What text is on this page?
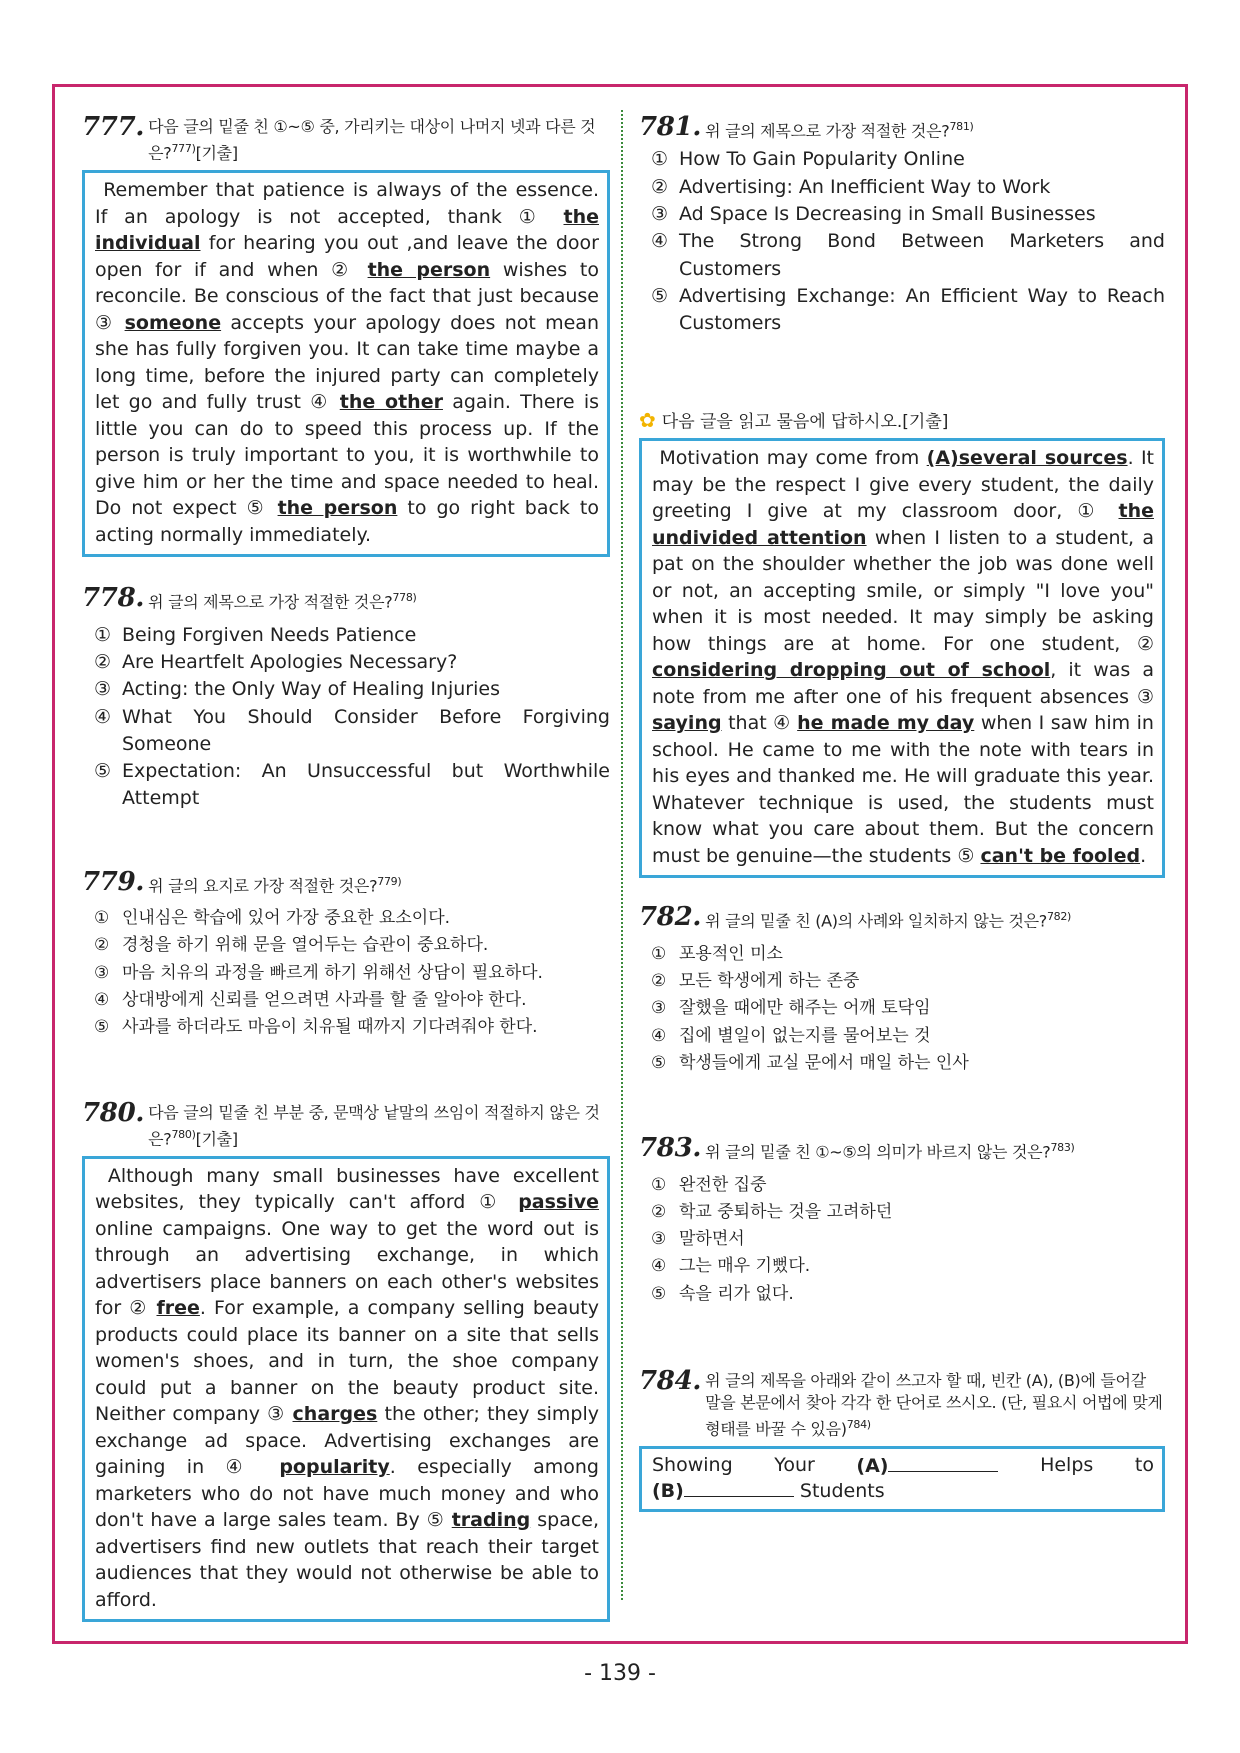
777. 다음 글의 밑줄 친 ①~⑤ 중, 가리키는 대상이 나머지 넷과 다른 것은?$^{777)}$[기출]
Remember that patience is always of the essence. If an apology is not accepted, thank ① the individual for hearing you out ,and leave the door open for if and when ② the person wishes to reconcile. Be conscious of the fact that just because ③ someone accepts your apology does not mean she has fully forgiven you. It can take time maybe a long time, before the injured party can completely let go and fully trust ④ the other again. There is little you can do to speed this process up. If the person is truly important to you, it is worthwhile to give him or her the time and space needed to heal. Do not expect ⑤ the person to go right back to acting normally immediately.
778. 위 글의 제목으로 가장 적절한 것은?$^{778)}$
① Being Forgiven Needs Patience
② Are Heartfelt Apologies Necessary?
③ Acting: the Only Way of Healing Injuries
④ What You Should Consider Before Forgiving Someone
⑤ Expectation: An Unsuccessful but Worthwhile Attempt
779. 위 글의 요지로 가장 적절한 것은?$^{779)}$
① 인내심은 학습에 있어 가장 중요한 요소이다.
② 경청을 하기 위해 문을 열어두는 습관이 중요하다.
③ 마음 치유의 과정을 빠르게 하기 위해선 상담이 필요하다.
④ 상대방에게 신뢰를 얻으려면 사과를 할 줄 알아야 한다.
⑤ 사과를 하더라도 마음이 치유될 때까지 기다려줘야 한다.
780. 다음 글의 밑줄 친 부분 중, 문맥상 낱말의 쓰임이 적절하지 않은 것은?$^{780)}$[기출]
Although many small businesses have excellent websites, they typically can't afford ① passive online campaigns. One way to get the word out is through an advertising exchange, in which advertisers place banners on each other's websites for ② free. For example, a company selling beauty products could place its banner on a site that sells women's shoes, and in turn, the shoe company could put a banner on the beauty product site. Neither company ③ charges the other; they simply exchange ad space. Advertising exchanges are gaining in ④ popularity. especially among marketers who do not have much money and who don't have a large sales team. By ⑤ trading space, advertisers find new outlets that reach their target audiences that they would not otherwise be able to afford.
781. 위 글의 제목으로 가장 적절한 것은?$^{781)}$
① How To Gain Popularity Online
② Advertising: An Inefficient Way to Work
③ Ad Space Is Decreasing in Small Businesses
④ The Strong Bond Between Marketers and Customers
⑤ Advertising Exchange: An Efficient Way to Reach Customers
✿ 다음 글을 읽고 물음에 답하시오. [기출]
Motivation may come from (A)several sources. It may be the respect I give every student, the daily greeting I give at my classroom door, ① the undivided attention when I listen to a student, a pat on the shoulder whether the job was done well or not, an accepting smile, or simply "I love you" when it is most needed. It may simply be asking how things are at home. For one student, ② considering dropping out of school, it was a note from me after one of his frequent absences ③ saying that ④ he made my day when I saw him in school. He came to me with the note with tears in his eyes and thanked me. He will graduate this year. Whatever technique is used, the students must know what you care about them. But the concern must be genuine—the students ⑤ can't be fooled.
782. 위 글의 밑줄 친 (A)의 사례와 일치하지 않는 것은?$^{782)}$
① 포용적인 미소
② 모든 학생에게 하는 존중
③ 잘했을 때에만 해주는 어깨 토닥임
④ 집에 별일이 없는지를 물어보는 것
⑤ 학생들에게 교실 문에서 매일 하는 인사
783. 위 글의 밑줄 친 ①~⑤의 의미가 바르지 않는 것은?$^{783)}$
① 완전한 집중
② 학교 중퇴하는 것을 고려하던
③ 말하면서
④ 그는 매우 기뻤다.
⑤ 속을 리가 없다.
784. 위 글의 제목을 아래와 같이 쓰고자 할 때, 빈칸 (A), (B)에 들어갈 말을 본문에서 찾아 각각 한 단어로 쓰시오. (단, 필요시 어법에 맞게 형태를 바꿀 수 있음)$^{784)}$
Showing Your (A)	Helps to
(B)	Students
- 139 -
